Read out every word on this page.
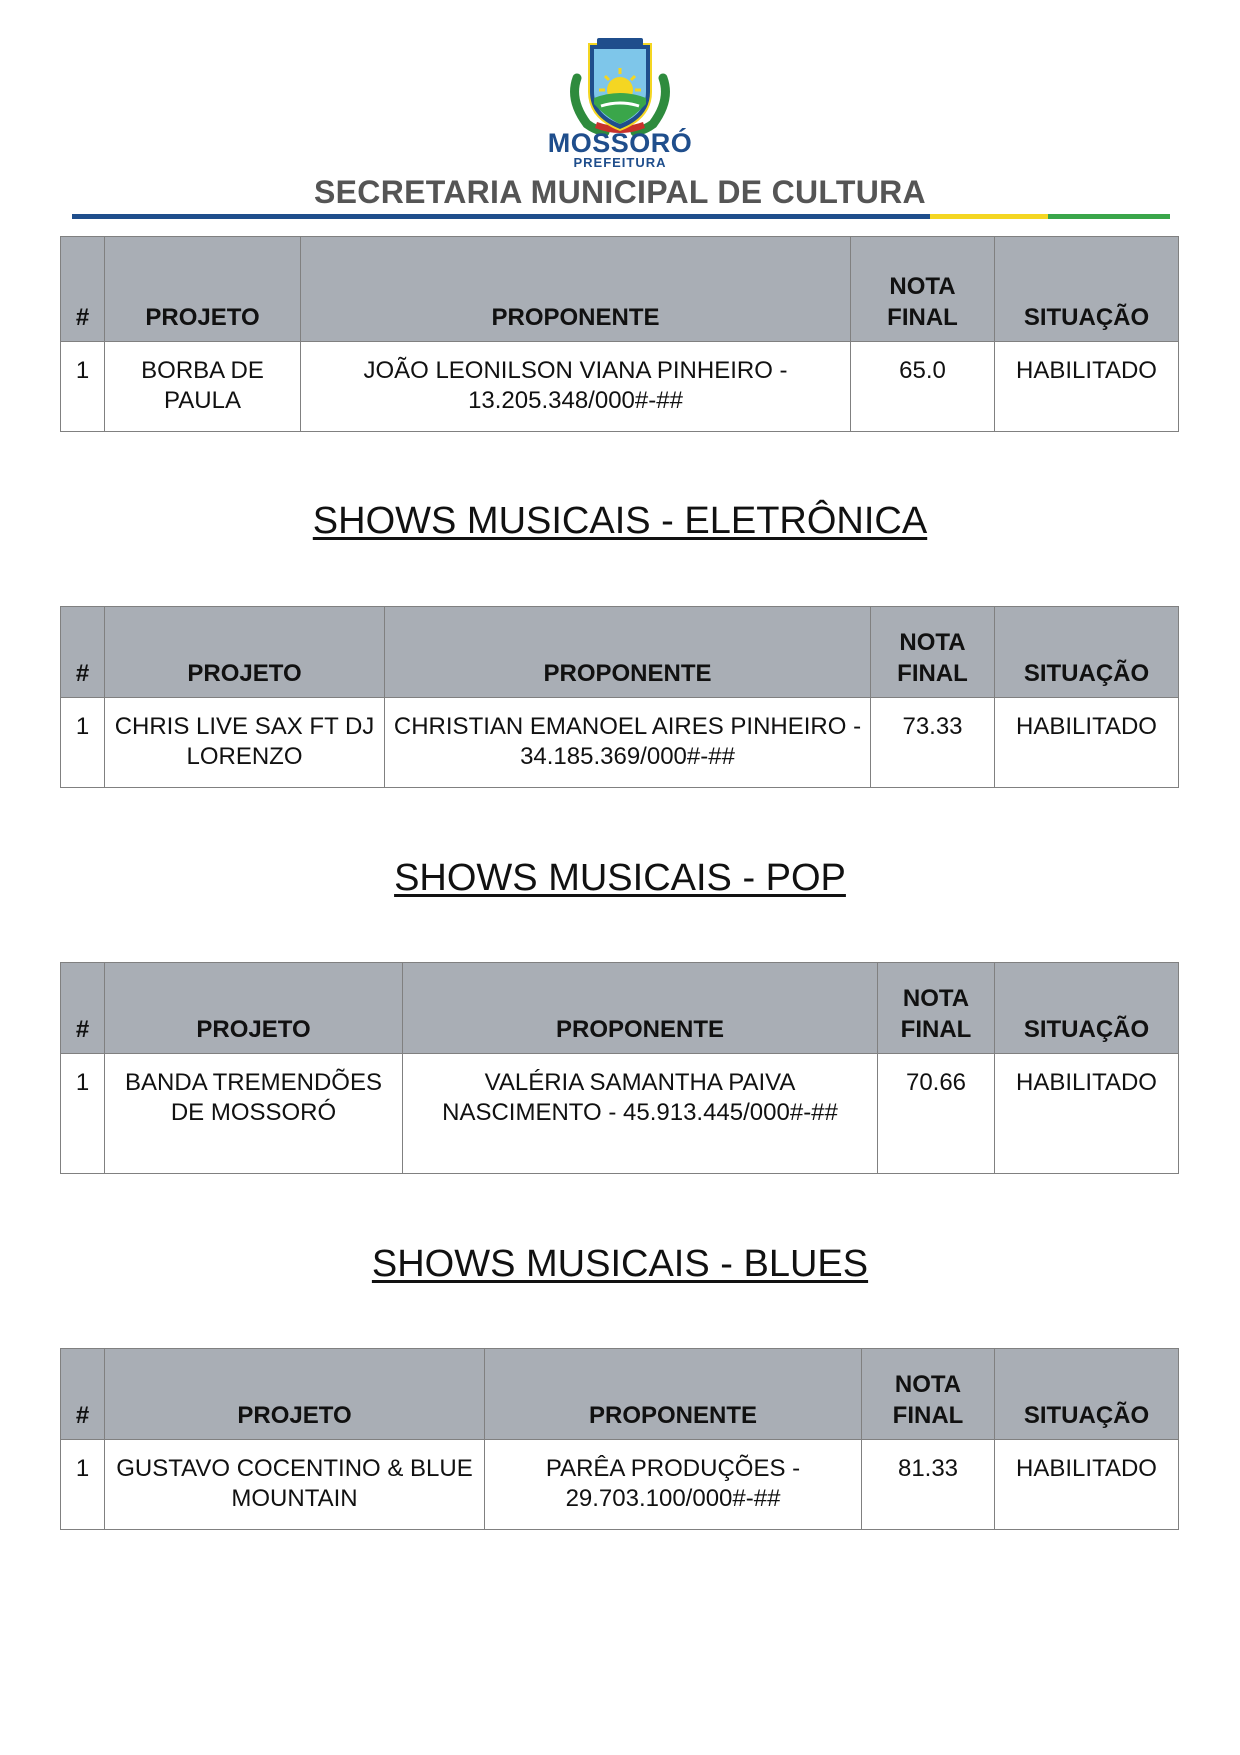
MOSSORÓ
PREFEITURA
SECRETARIA MUNICIPAL DE CULTURA
#	PROJETO	PROPONENTE	NOTA FINAL	SITUAÇÃO
1	BORBA DE PAULA	JOÃO LEONILSON VIANA PINHEIRO - 13.205.348/000#-##	65.0	HABILITADO
SHOWS MUSICAIS - ELETRÔNICA
#	PROJETO	PROPONENTE	NOTA FINAL	SITUAÇÃO
1	CHRIS LIVE SAX FT DJ LORENZO	CHRISTIAN EMANOEL AIRES PINHEIRO - 34.185.369/000#-##	73.33	HABILITADO
SHOWS MUSICAIS - POP
#	PROJETO	PROPONENTE	NOTA FINAL	SITUAÇÃO
1	BANDA TREMENDÕES DE MOSSORÓ	VALÉRIA SAMANTHA PAIVA NASCIMENTO - 45.913.445/000#-##	70.66	HABILITADO
SHOWS MUSICAIS - BLUES
#	PROJETO	PROPONENTE	NOTA FINAL	SITUAÇÃO
1	GUSTAVO COCENTINO & BLUE MOUNTAIN	PARÊA PRODUÇÕES - 29.703.100/000#-##	81.33	HABILITADO
